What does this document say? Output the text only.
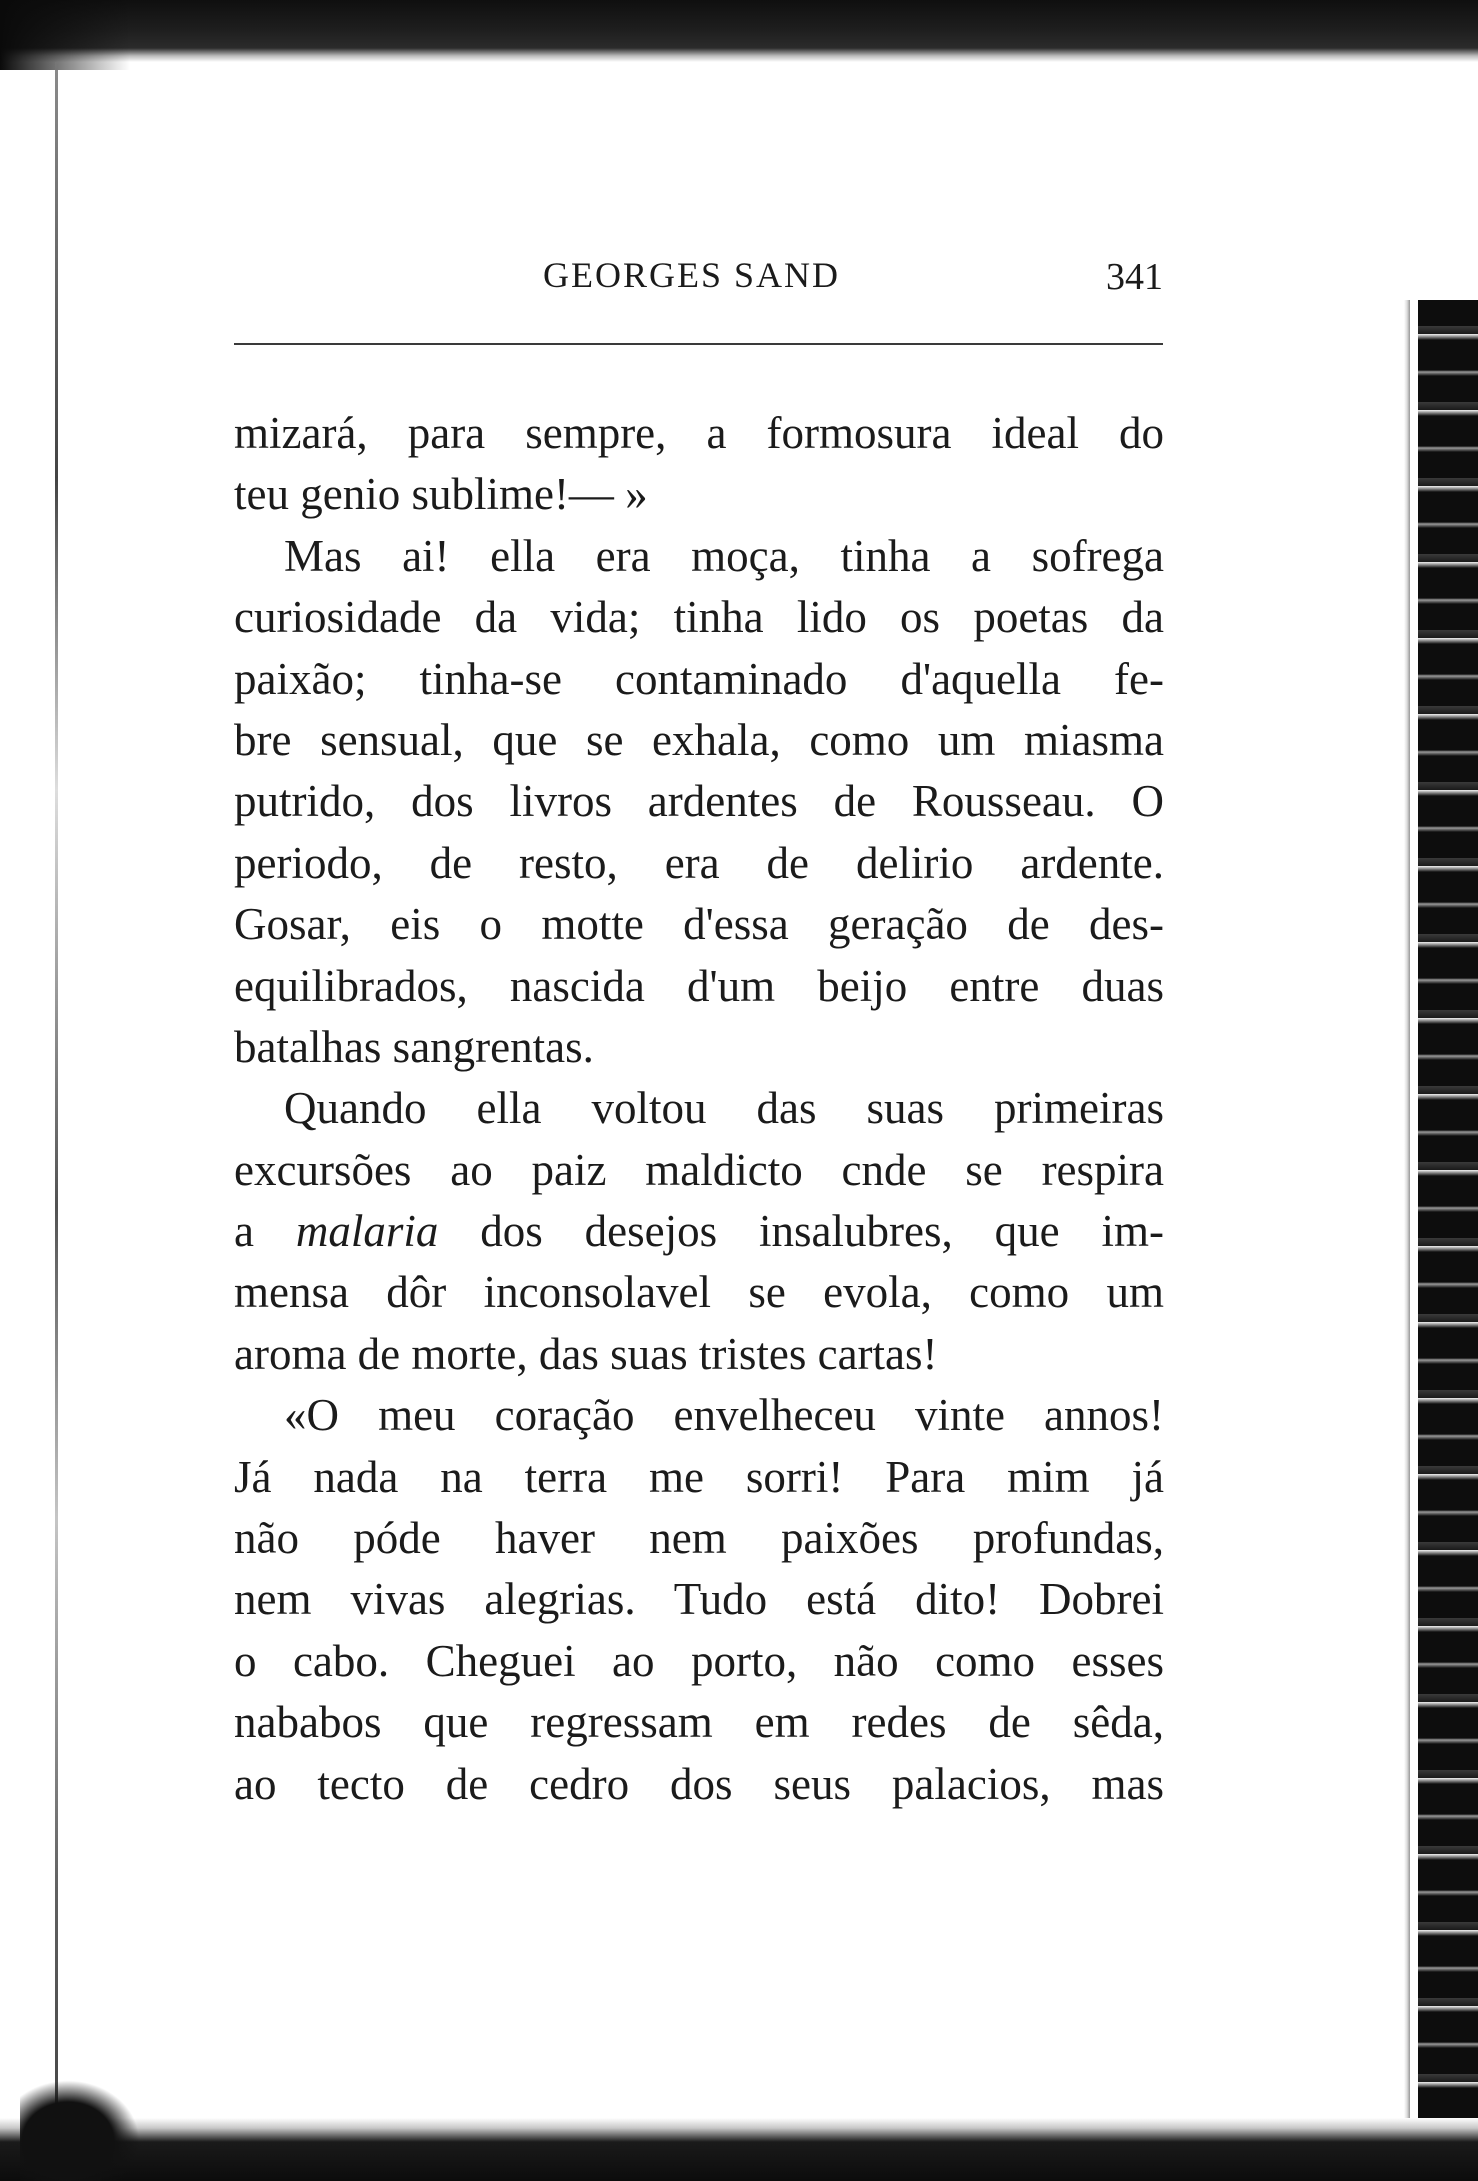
GEORGES SAND	341
mizará, para sempre, a formosura ideal do
teu genio sublime!— »
Mas ai! ella era moça, tinha a sofrega
curiosidade da vida; tinha lido os poetas da
paixão; tinha-se contaminado d'aquella fe-
bre sensual, que se exhala, como um miasma
putrido, dos livros ardentes de Rousseau. O
periodo, de resto, era de delirio ardente.
Gosar, eis o motte d'essa geração de des-
equilibrados, nascida d'um beijo entre duas
batalhas sangrentas.
Quando ella voltou das suas primeiras
excursões ao paiz maldicto cnde se respira
a malaria dos desejos insalubres, que im-
mensa dôr inconsolavel se evola, como um
aroma de morte, das suas tristes cartas!
«O meu coração envelheceu vinte annos!
Já nada na terra me sorri! Para mim já
não póde haver nem paixões profundas,
nem vivas alegrias. Tudo está dito! Dobrei
o cabo. Cheguei ao porto, não como esses
nababos que regressam em redes de sêda,
ao tecto de cedro dos seus palacios, mas
